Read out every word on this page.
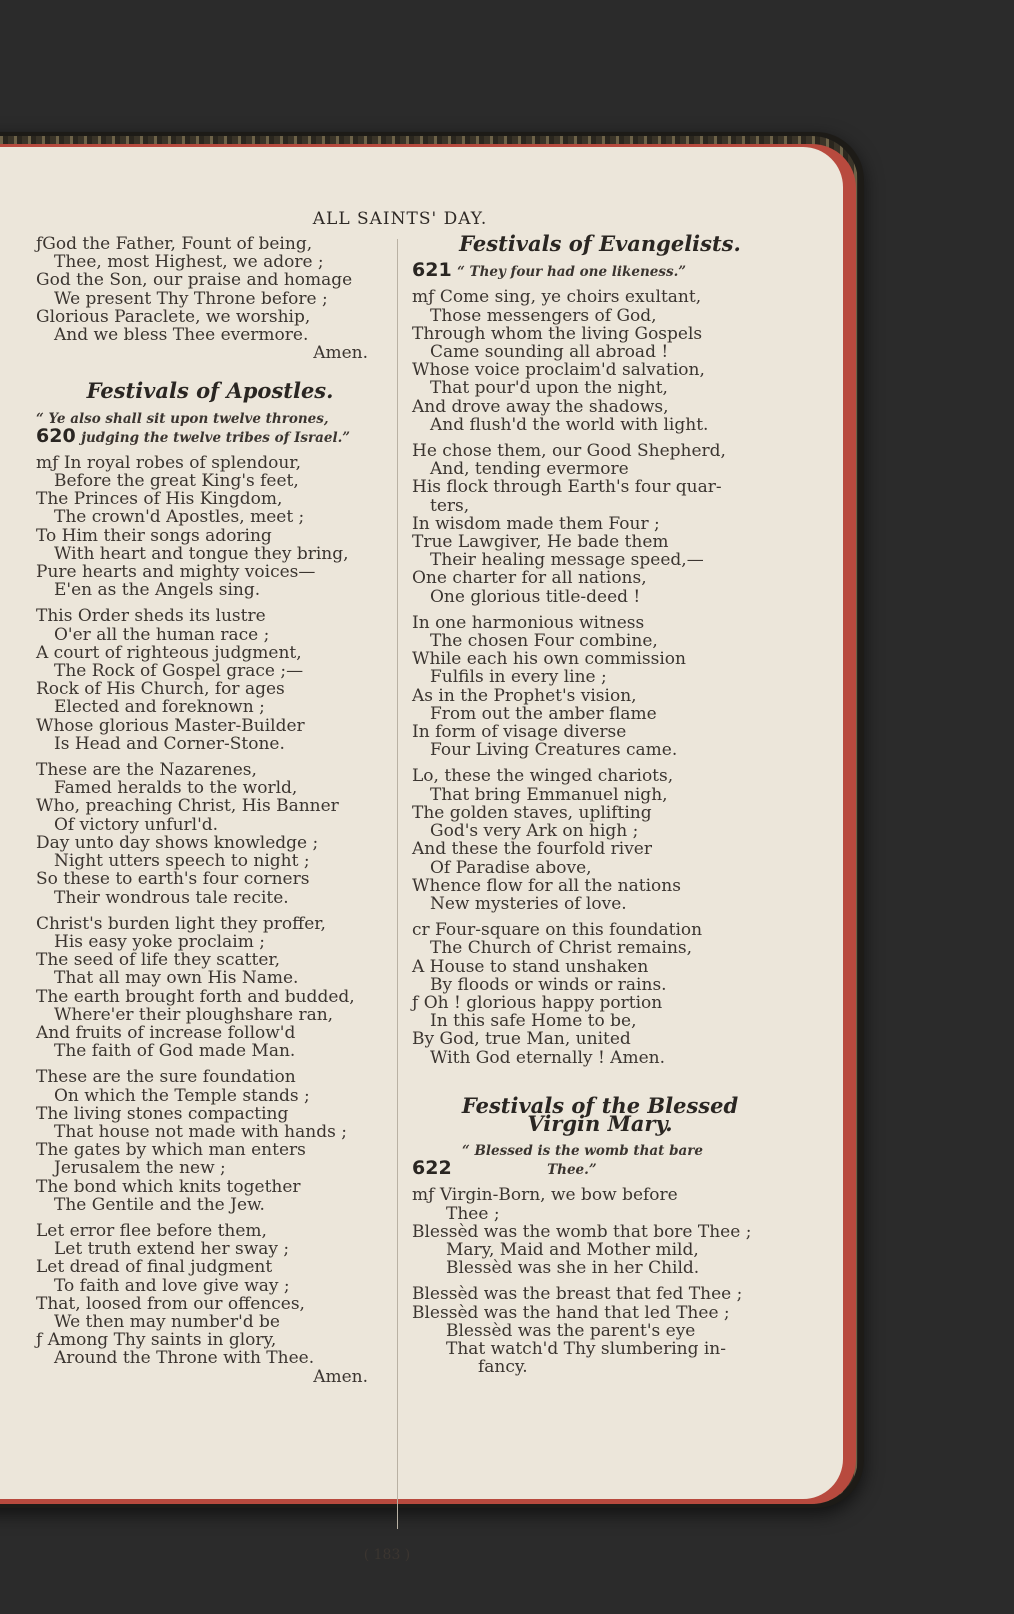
ALL SAINTS' DAY.
ƒGod the Father, Fount of being,
Thee, most Highest, we adore ;
God the Son, our praise and homage
We present Thy Throne before ;
Glorious Paraclete, we worship,
And we bless Thee evermore.
Amen.
Festivals of Apostles.
“ Ye also shall sit upon twelve thrones,
620 judging the twelve tribes of Israel.”
mƒ In royal robes of splendour,
Before the great King's feet,
The Princes of His Kingdom,
The crown'd Apostles, meet ;
To Him their songs adoring
With heart and tongue they bring,
Pure hearts and mighty voices—
E'en as the Angels sing.
This Order sheds its lustre
O'er all the human race ;
A court of righteous judgment,
The Rock of Gospel grace ;—
Rock of His Church, for ages
Elected and foreknown ;
Whose glorious Master-Builder
Is Head and Corner-Stone.
These are the Nazarenes,
Famed heralds to the world,
Who, preaching Christ, His Banner
Of victory unfurl'd.
Day unto day shows knowledge ;
Night utters speech to night ;
So these to earth's four corners
Their wondrous tale recite.
Christ's burden light they proffer,
His easy yoke proclaim ;
The seed of life they scatter,
That all may own His Name.
The earth brought forth and budded,
Where'er their ploughshare ran,
And fruits of increase follow'd
The faith of God made Man.
These are the sure foundation
On which the Temple stands ;
The living stones compacting
That house not made with hands ;
The gates by which man enters
Jerusalem the new ;
The bond which knits together
The Gentile and the Jew.
Let error flee before them,
Let truth extend her sway ;
Let dread of final judgment
To faith and love give way ;
That, loosed from our offences,
We then may number'd be
ƒ Among Thy saints in glory,
Around the Throne with Thee.
Amen.
Festivals of Evangelists.
621 “ They four had one likeness.”
mƒ Come sing, ye choirs exultant,
Those messengers of God,
Through whom the living Gospels
Came sounding all abroad !
Whose voice proclaim'd salvation,
That pour'd upon the night,
And drove away the shadows,
And flush'd the world with light.
He chose them, our Good Shepherd,
And, tending evermore
His flock through Earth's four quar-
ters,
In wisdom made them Four ;
True Lawgiver, He bade them
Their healing message speed,—
One charter for all nations,
One glorious title-deed !
In one harmonious witness
The chosen Four combine,
While each his own commission
Fulfils in every line ;
As in the Prophet's vision,
From out the amber flame
In form of visage diverse
Four Living Creatures came.
Lo, these the winged chariots,
That bring Emmanuel nigh,
The golden staves, uplifting
God's very Ark on high ;
And these the fourfold river
Of Paradise above,
Whence flow for all the nations
New mysteries of love.
cr Four-square on this foundation
The Church of Christ remains,
A House to stand unshaken
By floods or winds or rains.
ƒ Oh ! glorious happy portion
In this safe Home to be,
By God, true Man, united
With God eternally ! Amen.
Festivals of the Blessed
Virgin Mary.
“ Blessed is the womb that bare
622	Thee.”
mƒ Virgin-Born, we bow before
Thee ;
Blessèd was the womb that bore Thee ;
Mary, Maid and Mother mild,
Blessèd was she in her Child.
Blessèd was the breast that fed Thee ;
Blessèd was the hand that led Thee ;
Blessèd was the parent's eye
That watch'd Thy slumbering in-
fancy.
( 183 )
